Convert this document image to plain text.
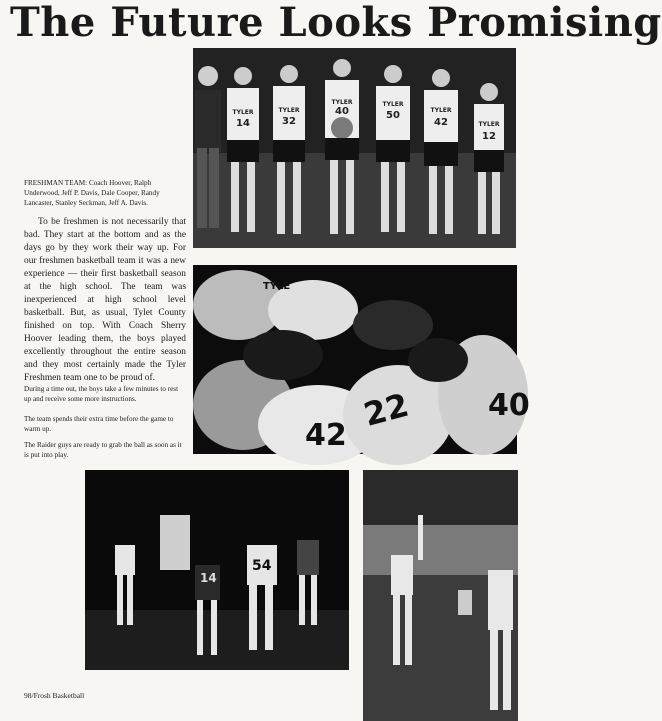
The Future Looks Promising
TYLER
14
TYLER
32
TYLER
40
TYLER
50	TYLER
42	TYLER
12
TYLE
42
22	40
14
54
FRESHMAN TEAM: Coach Hoover, Ralph Underwood, Jeff P. Davis, Dale Cooper, Randy Lancaster, Stanley Seckman, Jeff A. Davis.
To be freshmen is not necessarily that bad. They start at the bottom and as the days go by they work their way up. For our freshmen basketball team it was a new experience — their first basketball season at the high school. The team was inexperienced at high school level basketball. But, as usual, Tylet County finished on top. With Coach Sherry Hoover leading them, the boys played excellently throughout the entire season and they most certainly made the Tyler Freshmen team one to be proud of.
During a time out, the boys take a few minutes to rest up and receive some more instructions.
The team spends their extra time before the game to warm up.
The Raider guys are ready to grab the ball as soon as it is put into play.
98/Frosh Basketball
